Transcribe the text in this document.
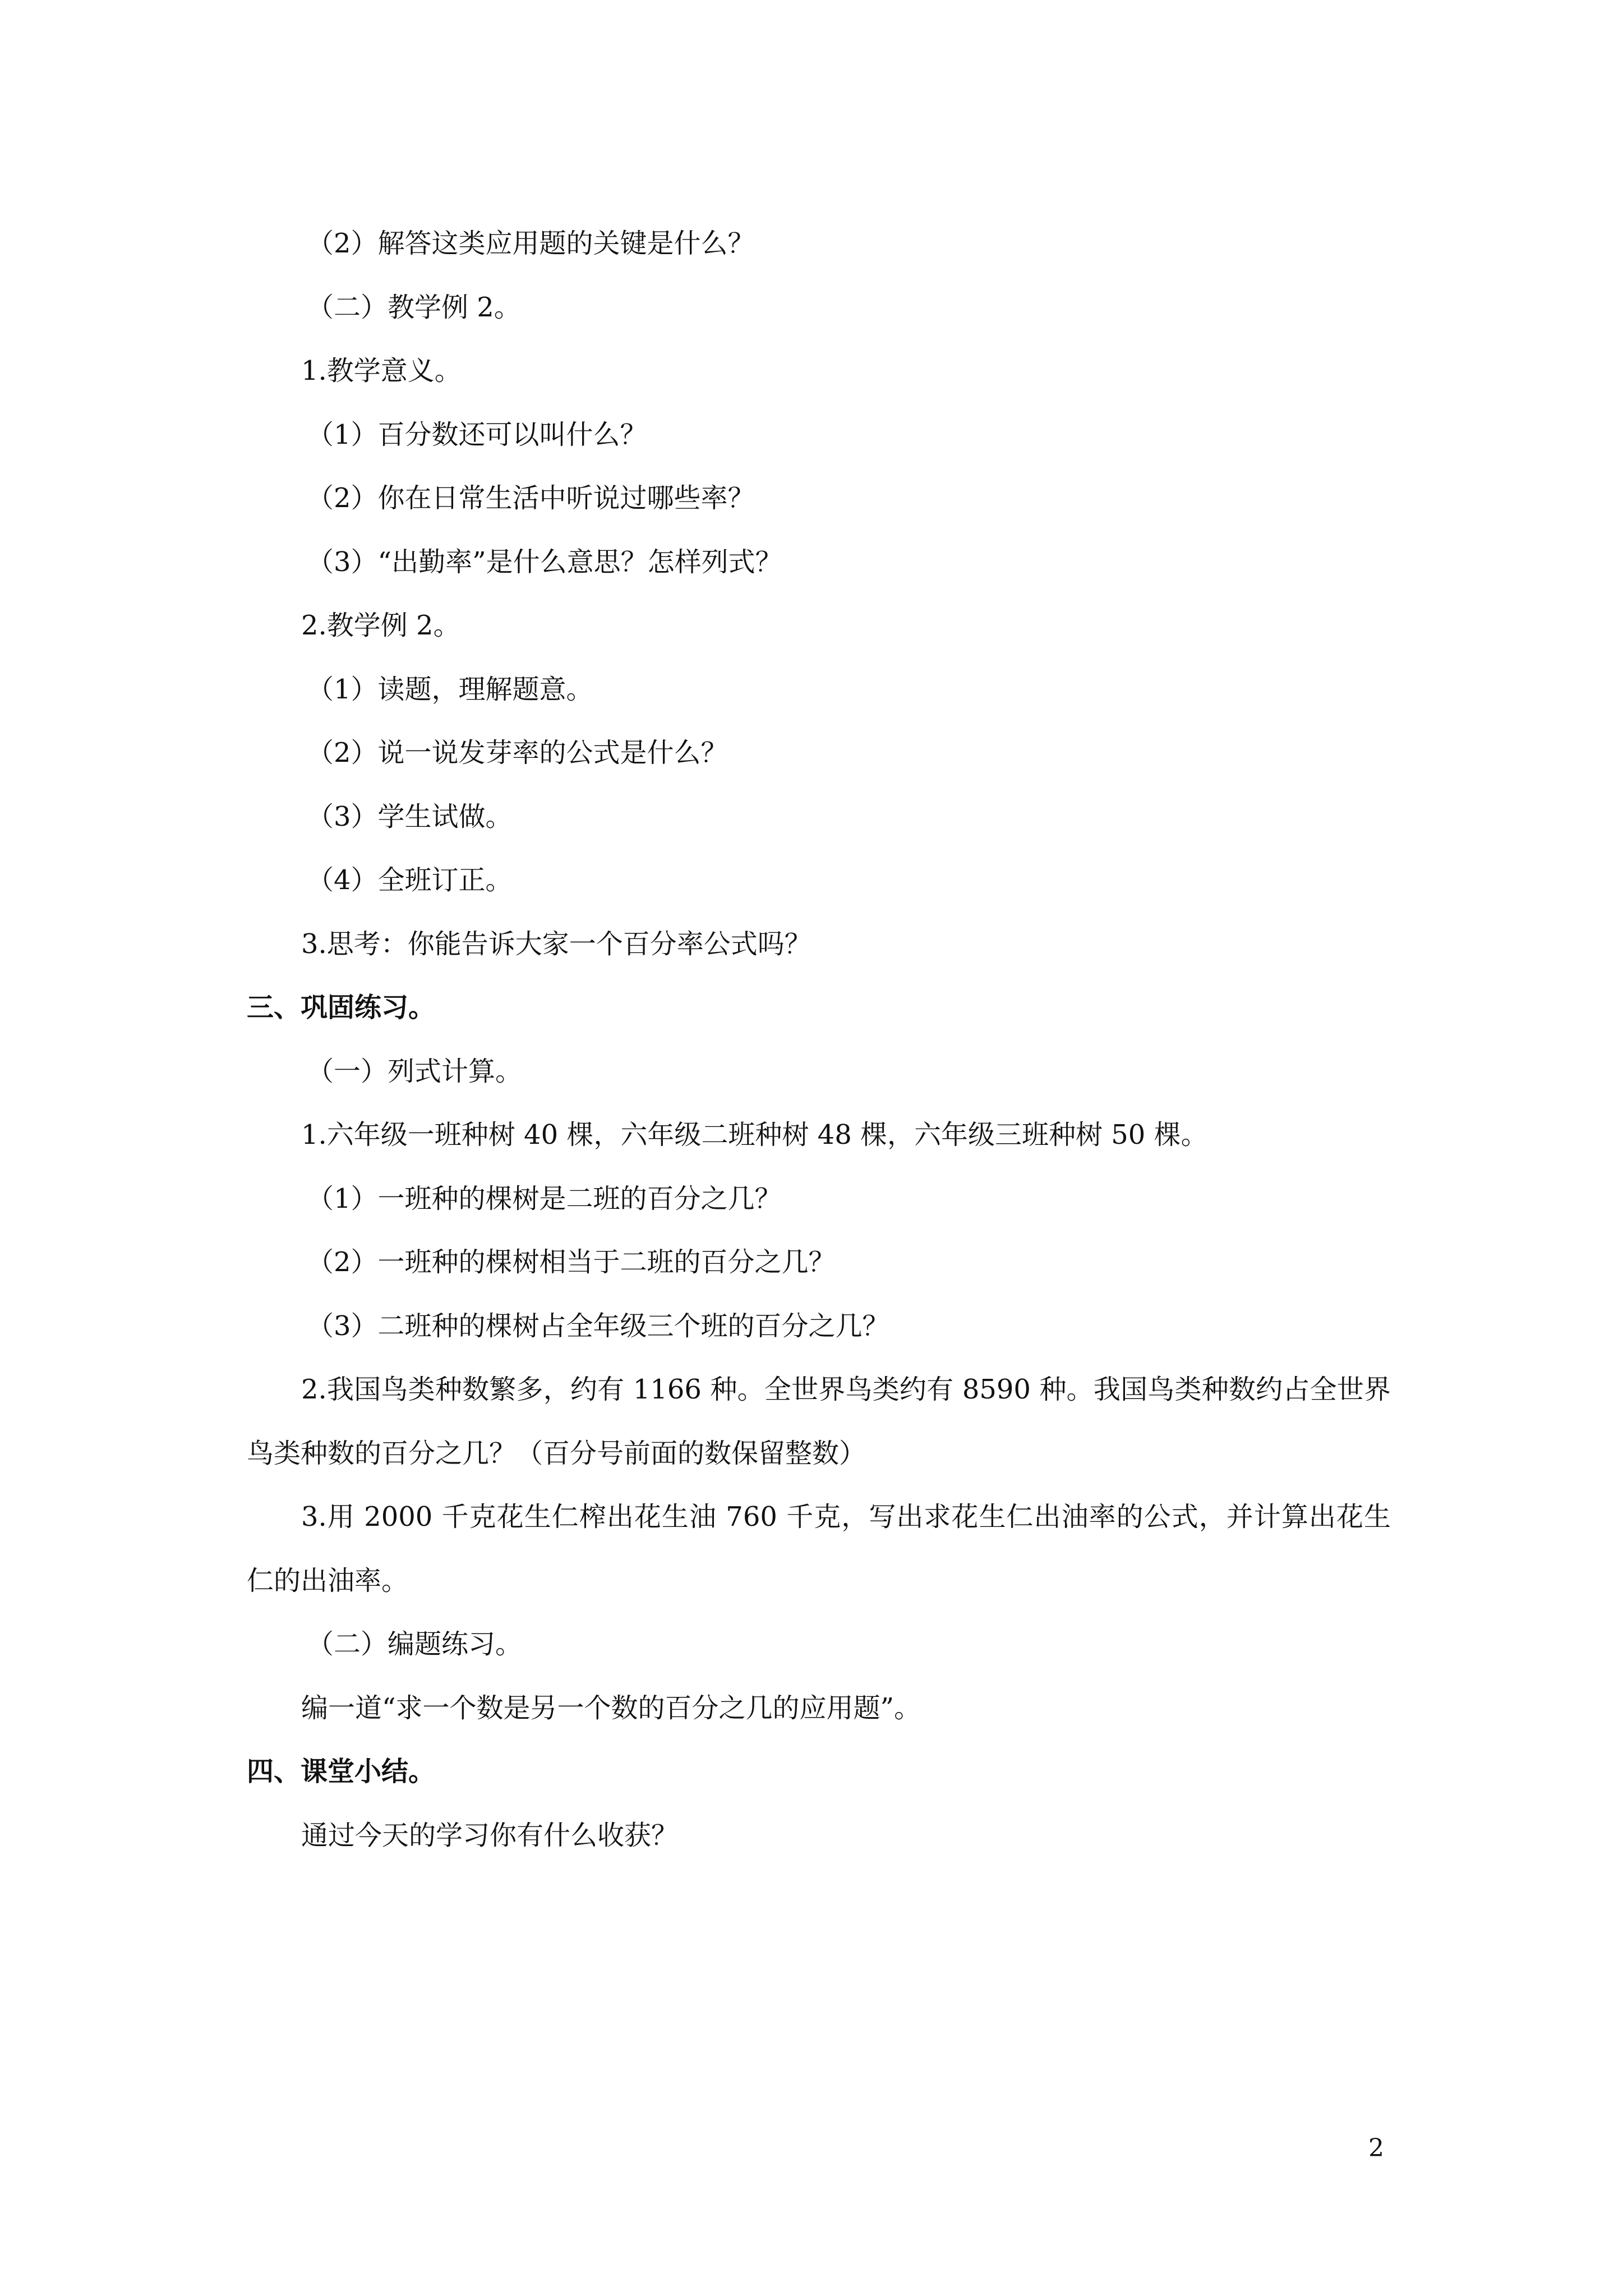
（2）解答这类应用题的关键是什么？
（二）教学例 2。
1.教学意义。
（1）百分数还可以叫什么？
（2）你在日常生活中听说过哪些率？
（3）“出勤率”是什么意思？怎样列式？
2.教学例 2。
（1）读题，理解题意。
（2）说一说发芽率的公式是什么？
（3）学生试做。
（4）全班订正。
3.思考：你能告诉大家一个百分率公式吗？
三、巩固练习。
（一）列式计算。
1.六年级一班种树 40 棵，六年级二班种树 48 棵，六年级三班种树 50 棵。
（1）一班种的棵树是二班的百分之几？
（2）一班种的棵树相当于二班的百分之几？
（3）二班种的棵树占全年级三个班的百分之几？
2.我国鸟类种数繁多，约有 1166 种。全世界鸟类约有 8590 种。我国鸟类种数约占全世界鸟类种数的百分之几？（百分号前面的数保留整数）
3.用 2000 千克花生仁榨出花生油 760 千克，写出求花生仁出油率的公式，并计算出花生仁的出油率。
（二）编题练习。
编一道“求一个数是另一个数的百分之几的应用题”。
四、课堂小结。
通过今天的学习你有什么收获？
2
